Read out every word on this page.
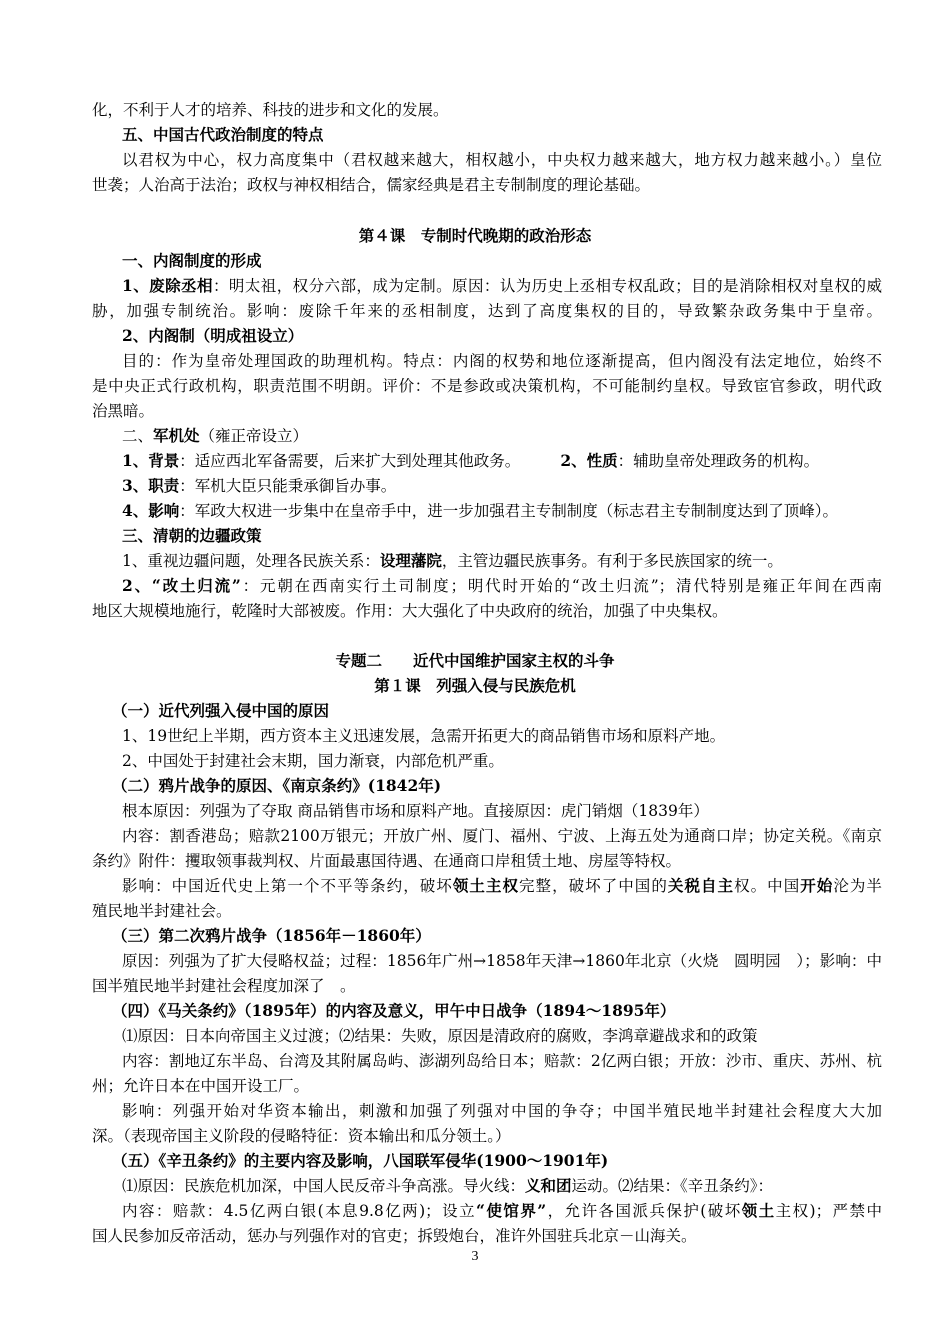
化，不利于人才的培养、科技的进步和文化的发展。
五、中国古代政治制度的特点
以君权为中心，权力高度集中（君权越来越大，相权越小，中央权力越来越大，地方权力越来越小。）皇位
世袭；人治高于法治；政权与神权相结合，儒家经典是君主专制制度的理论基础。
第４课　专制时代晚期的政治形态
一、内阁制度的形成
1、废除丞相：明太祖，权分六部，成为定制。原因：认为历史上丞相专权乱政；目的是消除相权对皇权的威
胁，加强专制统治。影响：废除千年来的丞相制度，达到了高度集权的目的，导致繁杂政务集中于皇帝。
2、内阁制（明成祖设立）
目的：作为皇帝处理国政的助理机构。特点：内阁的权势和地位逐渐提高，但内阁没有法定地位，始终不
是中央正式行政机构，职责范围不明朗。评价：不是参政或决策机构，不可能制约皇权。导致宦官参政，明代政
治黑暗。
二、军机处（雍正帝设立）
1、背景：适应西北军备需要，后来扩大到处理其他政务。	2、性质：辅助皇帝处理政务的机构。
3、职责：军机大臣只能秉承御旨办事。
4、影响：军政大权进一步集中在皇帝手中，进一步加强君主专制制度（标志君主专制制度达到了顶峰）。
三、清朝的边疆政策
1、重视边疆问题，处理各民族关系：设理藩院，主管边疆民族事务。有利于多民族国家的统一。
2、“改土归流”：元朝在西南实行土司制度；明代时开始的“改土归流”；清代特别是雍正年间在西南
地区大规模地施行，乾隆时大部被废。作用：大大强化了中央政府的统治，加强了中央集权。
专题二　　近代中国维护国家主权的斗争
第１课　列强入侵与民族危机
（一）近代列强入侵中国的原因
1、19世纪上半期，西方资本主义迅速发展，急需开拓更大的商品销售市场和原料产地。
2、中国处于封建社会末期，国力渐衰，内部危机严重。
（二）鸦片战争的原因、《南京条约》(1842年)
根本原因：列强为了夺取 商品销售市场和原料产地。直接原因：虎门销烟（1839年）
内容：割香港岛；赔款2100万银元；开放广州、厦门、福州、宁波、上海五处为通商口岸；协定关税。《南京
条约》附件：攫取领事裁判权、片面最惠国待遇、在通商口岸租赁土地、房屋等特权。
影响：中国近代史上第一个不平等条约，破坏领土主权完整，破坏了中国的关税自主权。中国开始沦为半
殖民地半封建社会。
（三）第二次鸦片战争（1856年－1860年）
原因：列强为了扩大侵略权益；过程：1856年广州→1858年天津→1860年北京（火烧　圆明园　）；影响：中
国半殖民地半封建社会程度加深了　。
（四）《马关条约》（1895年）的内容及意义，甲午中日战争（1894～1895年）
⑴原因：日本向帝国主义过渡；⑵结果：失败，原因是清政府的腐败，李鸿章避战求和的政策
内容：割地辽东半岛、台湾及其附属岛屿、澎湖列岛给日本；赔款：2亿两白银；开放：沙市、重庆、苏州、杭
州；允许日本在中国开设工厂。
影响：列强开始对华资本输出，刺激和加强了列强对中国的争夺；中国半殖民地半封建社会程度大大加
深。（表现帝国主义阶段的侵略特征：资本输出和瓜分领土。）
（五）《辛丑条约》的主要内容及影响，八国联军侵华(1900～1901年)
⑴原因：民族危机加深，中国人民反帝斗争高涨。导火线：义和团运动。⑵结果：《辛丑条约》：
内容：赔款：4.5亿两白银(本息9.8亿两)；设立“使馆界”，允许各国派兵保护(破坏领土主权)；严禁中
国人民参加反帝活动，惩办与列强作对的官吏；拆毁炮台，准许外国驻兵北京－山海关。
3
